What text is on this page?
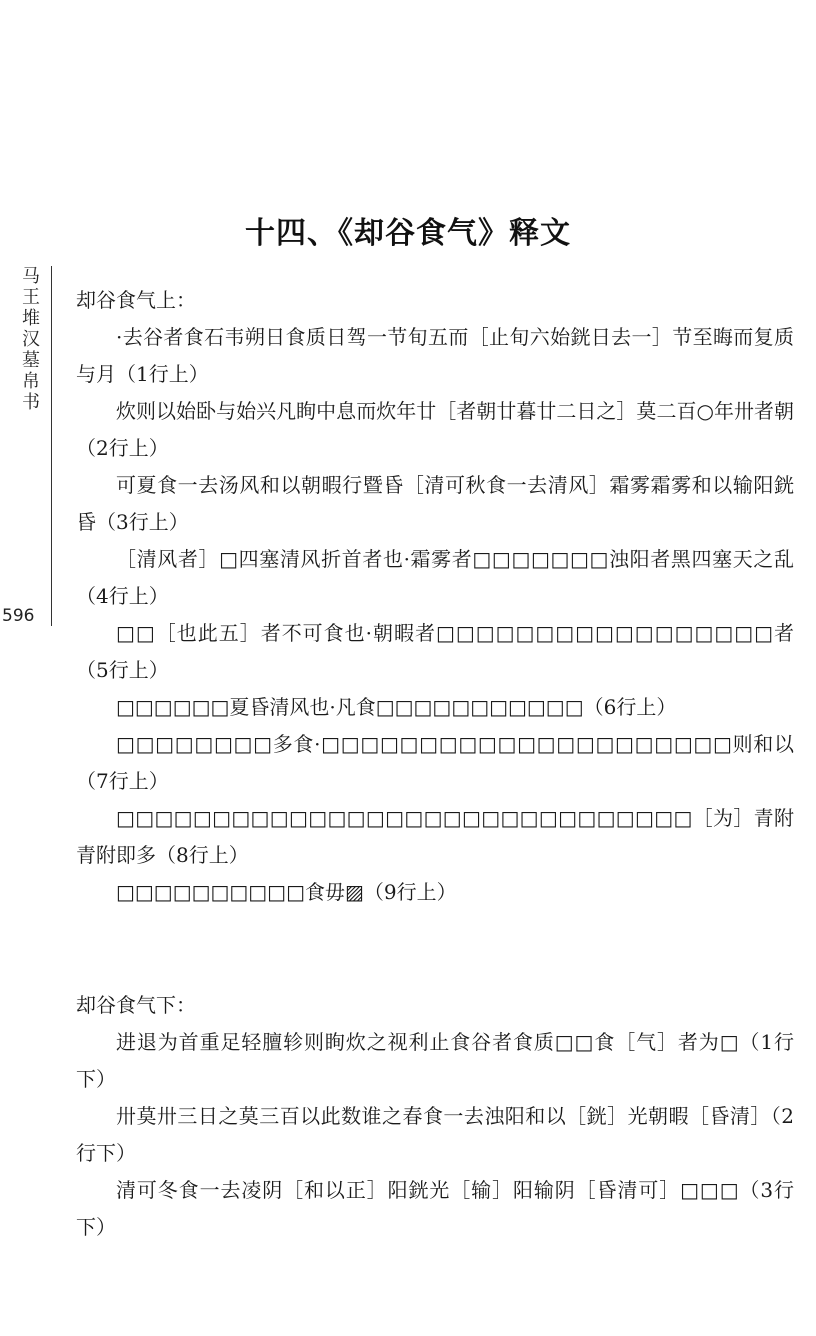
十四、《却谷食气》释文
马王堆汉墓帛书
596

却谷食气上：

·去谷者食石韦朔日食质日驾一节旬五而［止旬六始銧日去一］节至晦而复质与月（1行上）

炊则以始卧与始兴凡眴中息而炊年廿［者朝廿暮廿二日之］莫二百○年卅者朝（2行上）

可夏食一去汤风和以朝暇行暨昏［清可秋食一去清风］霜雾霜雾和以输阳銧昏（3行上）

［清风者］□四塞清风折首者也·霜雾者□□□□□□□浊阳者黑四塞天之乱（4行上）

□□［也此五］者不可食也·朝暇者□□□□□□□□□□□□□□□□□者（5行上）

□□□□□□夏昏清风也·凡食□□□□□□□□□□□（6行上）

□□□□□□□□多食·□□□□□□□□□□□□□□□□□□□□□则和以（7行上）

□□□□□□□□□□□□□□□□□□□□□□□□□□□□□□［为］青附青附即多（8行上）

□□□□□□□□□□食毋▨（9行上）

却谷食气下：

进退为首重足轻膻轸则眴炊之视利止食谷者食质□□食［气］者为□（1行下）

卅莫卅三日之莫三百以此数谁之春食一去浊阳和以［銧］光朝暇［昏清］（2行下）

清可冬食一去凌阴［和以正］阳銧光［输］阳输阴［昏清可］□□□（3行下）
